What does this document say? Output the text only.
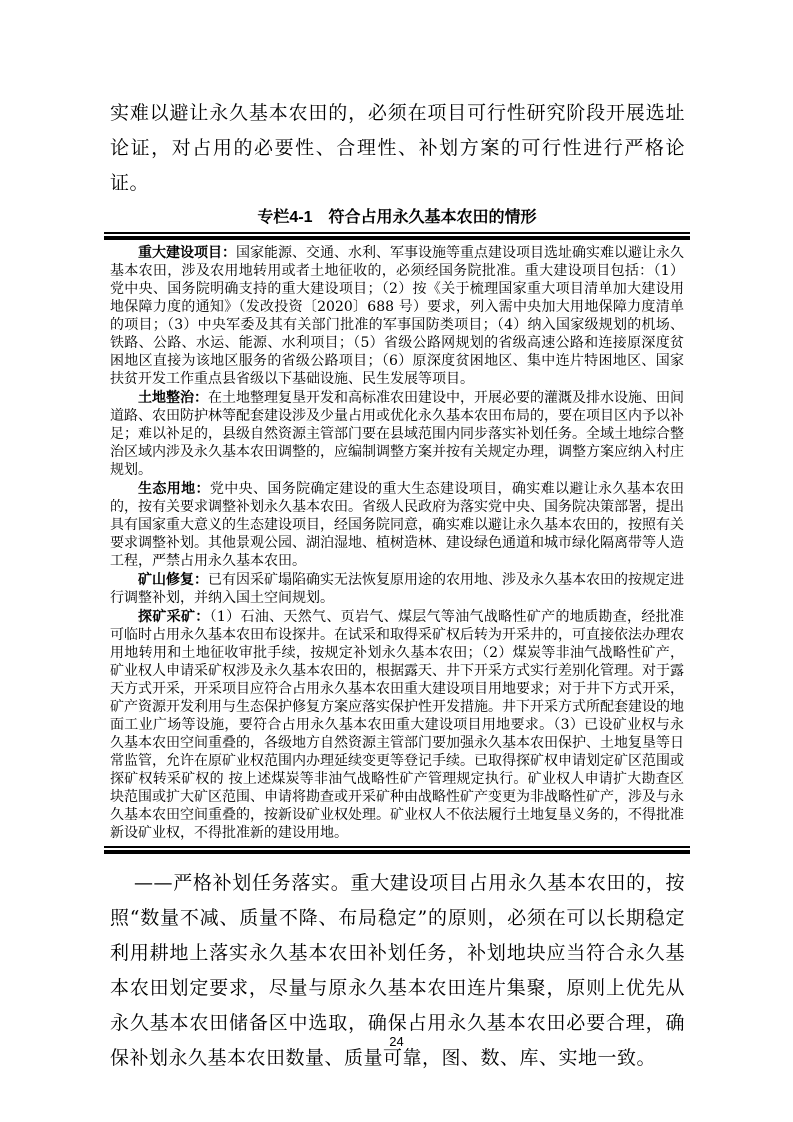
实难以避让永久基本农田的，必须在项目可行性研究阶段开展选址论证，对占用的必要性、合理性、补划方案的可行性进行严格论证。

专栏4-1　符合占用永久基本农田的情形

重大建设项目：国家能源、交通、水利、军事设施等重点建设项目选址确实难以避让永久基本农田，涉及农用地转用或者土地征收的，必须经国务院批准。重大建设项目包括：（1）党中央、国务院明确支持的重大建设项目；（2）按《关于梳理国家重大项目清单加大建设用地保障力度的通知》（发改投资〔2020〕688 号）要求，列入需中央加大用地保障力度清单的项目；（3）中央军委及其有关部门批准的军事国防类项目；（4）纳入国家级规划的机场、铁路、公路、水运、能源、水利项目；（5）省级公路网规划的省级高速公路和连接原深度贫困地区直接为该地区服务的省级公路项目；（6）原深度贫困地区、集中连片特困地区、国家扶贫开发工作重点县省级以下基础设施、民生发展等项目。

土地整治：在土地整理复垦开发和高标准农田建设中，开展必要的灌溉及排水设施、田间道路、农田防护林等配套建设涉及少量占用或优化永久基本农田布局的，要在项目区内予以补足；难以补足的，县级自然资源主管部门要在县域范围内同步落实补划任务。全域土地综合整治区域内涉及永久基本农田调整的，应编制调整方案并按有关规定办理，调整方案应纳入村庄规划。

生态用地：党中央、国务院确定建设的重大生态建设项目，确实难以避让永久基本农田的，按有关要求调整补划永久基本农田。省级人民政府为落实党中央、国务院决策部署，提出具有国家重大意义的生态建设项目，经国务院同意，确实难以避让永久基本农田的，按照有关要求调整补划。其他景观公园、湖泊湿地、植树造林、建设绿色通道和城市绿化隔离带等人造工程，严禁占用永久基本农田。

矿山修复：已有因采矿塌陷确实无法恢复原用途的农用地、涉及永久基本农田的按规定进行调整补划，并纳入国土空间规划。

探矿采矿：（1）石油、天然气、页岩气、煤层气等油气战略性矿产的地质勘查，经批准可临时占用永久基本农田布设探井。在试采和取得采矿权后转为开采井的，可直接依法办理农用地转用和土地征收审批手续，按规定补划永久基本农田；（2）煤炭等非油气战略性矿产，矿业权人申请采矿权涉及永久基本农田的，根据露天、井下开采方式实行差别化管理。对于露天方式开采，开采项目应符合占用永久基本农田重大建设项目用地要求；对于井下方式开采，矿产资源开发利用与生态保护修复方案应落实保护性开发措施。井下开采方式所配套建设的地面工业广场等设施，要符合占用永久基本农田重大建设项目用地要求。（3）已设矿业权与永久基本农田空间重叠的，各级地方自然资源主管部门要加强永久基本农田保护、土地复垦等日常监管，允许在原矿业权范围内办理延续变更等登记手续。已取得探矿权申请划定矿区范围或探矿权转采矿权的 按上述煤炭等非油气战略性矿产管理规定执行。矿业权人申请扩大勘查区块范围或扩大矿区范围、申请将勘查或开采矿种由战略性矿产变更为非战略性矿产，涉及与永久基本农田空间重叠的，按新设矿业权处理。矿业权人不依法履行土地复垦义务的，不得批准新设矿业权，不得批准新的建设用地。

——严格补划任务落实。重大建设项目占用永久基本农田的，按照“数量不减、质量不降、布局稳定”的原则，必须在可以长期稳定利用耕地上落实永久基本农田补划任务，补划地块应当符合永久基本农田划定要求，尽量与原永久基本农田连片集聚，原则上优先从永久基本农田储备区中选取，确保占用永久基本农田必要合理，确保补划永久基本农田数量、质量可靠，图、数、库、实地一致。

24
